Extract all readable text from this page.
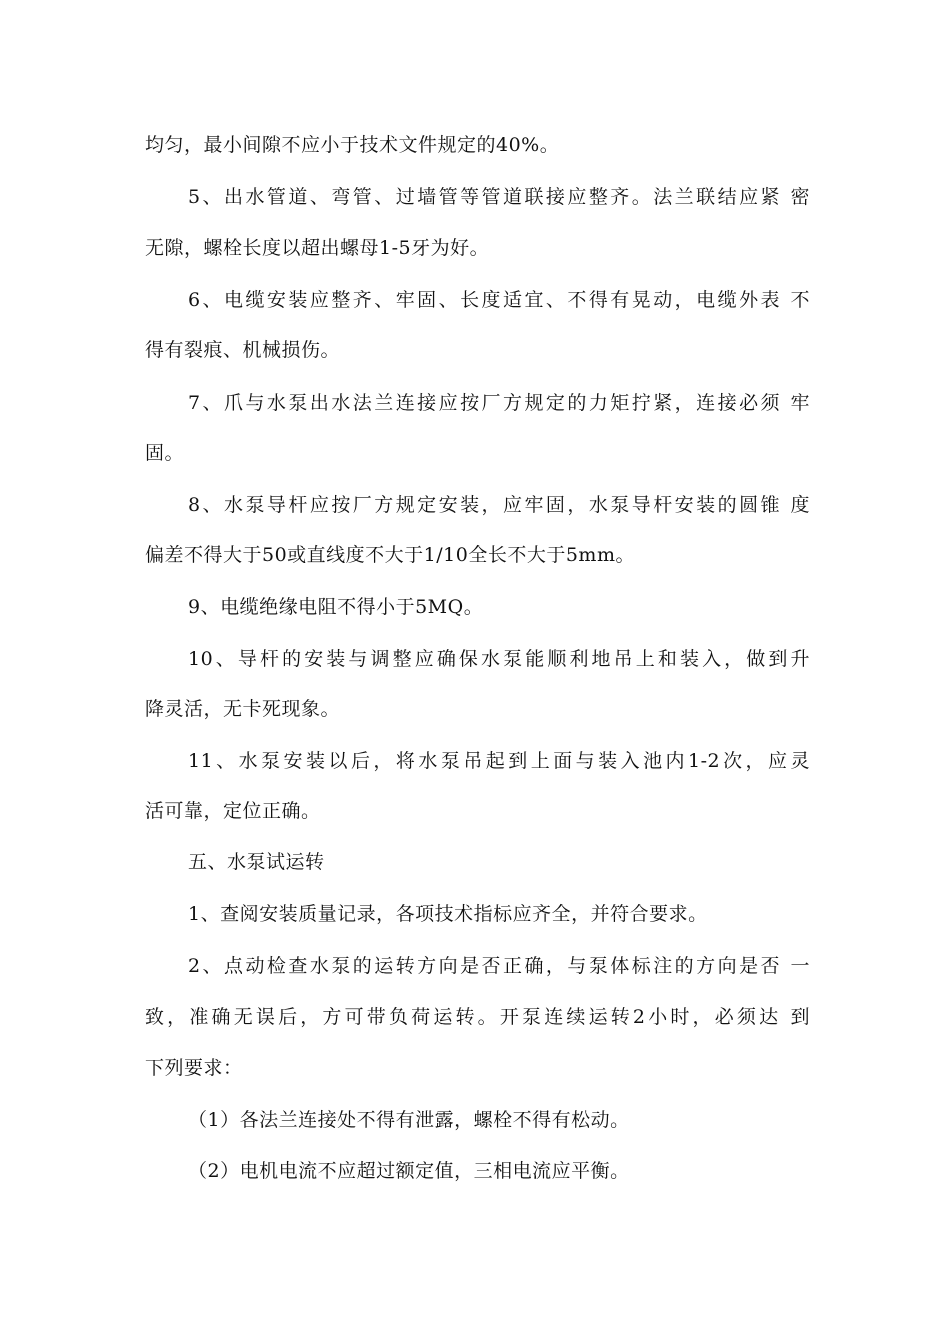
均匀，最小间隙不应小于技术文件规定的40%。
5、出水管道、弯管、过墙管等管道联接应整齐。法兰联结应紧 密
无隙，螺栓长度以超出螺母1-5牙为好。
6、电缆安装应整齐、牢固、长度适宜、不得有晃动，电缆外表 不
得有裂痕、机械损伤。
7、爪与水泵出水法兰连接应按厂方规定的力矩拧紧，连接必须 牢
固。
8、水泵导杆应按厂方规定安装，应牢固，水泵导杆安装的圆锥 度
偏差不得大于50或直线度不大于1/10全长不大于5mm。
9、电缆绝缘电阻不得小于5MQ。
10、导杆的安装与调整应确保水泵能顺利地吊上和装入，做到升
降灵活，无卡死现象。
11、水泵安装以后，将水泵吊起到上面与装入池内1-2次，应灵
活可靠，定位正确。
五、水泵试运转
1、查阅安装质量记录，各项技术指标应齐全，并符合要求。
2、点动检查水泵的运转方向是否正确，与泵体标注的方向是否 一
致，准确无误后，方可带负荷运转。开泵连续运转2小时，必须达 到
下列要求：
（1）各法兰连接处不得有泄露，螺栓不得有松动。
（2）电机电流不应超过额定值，三相电流应平衡。
